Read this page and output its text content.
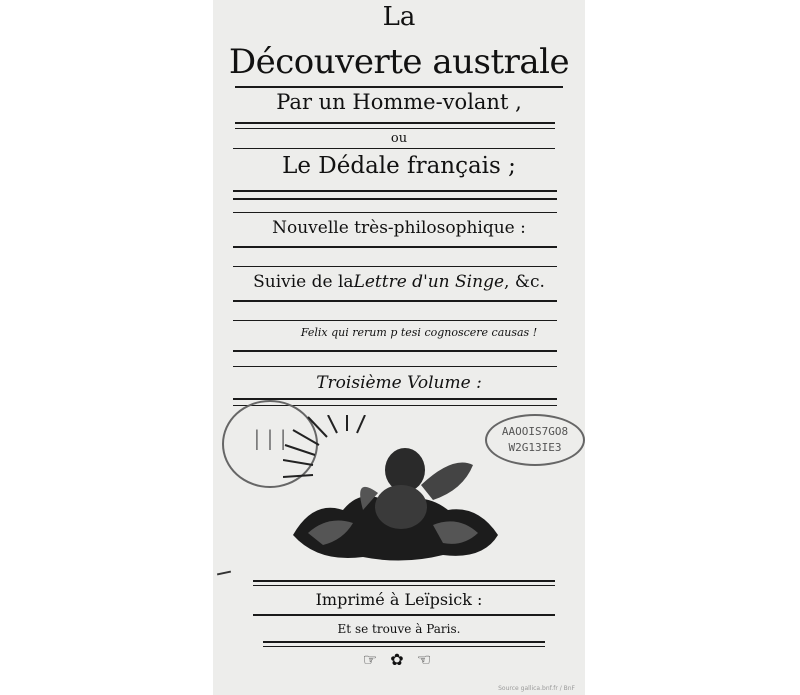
La
Découverte australe
Par un Homme-volant ,
ou
Le Dédale français ;
Nouvelle très-philosophique :
Suivie de laLettre d'un Singe, &c.
Felix qui rerum p tesi cognoscere causas !
Troisième Volume :
| | |	AAOOIS7GO8
W2G13IE3
Imprimé à Leïpsick :
Et se trouve à Paris.
☞ ✿ ☜
Source gallica.bnf.fr / BnF
